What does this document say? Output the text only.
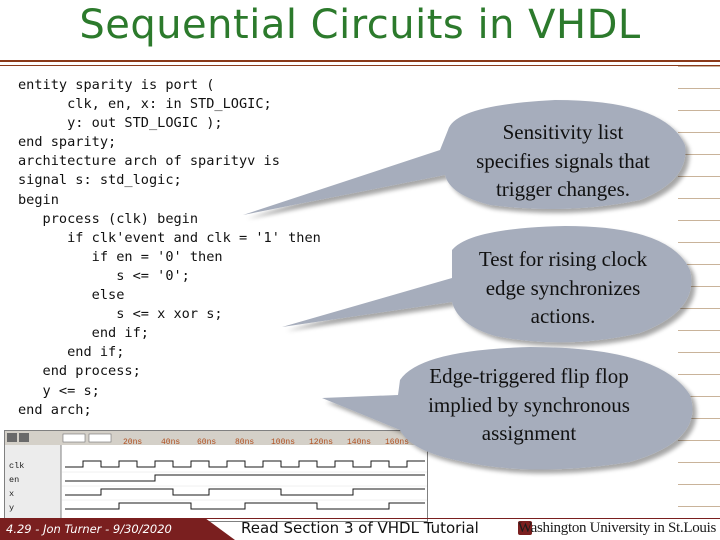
Sequential Circuits in VHDL
entity sparity is port (
clk, en, x: in STD_LOGIC;
y: out STD_LOGIC );
end sparity;
architecture arch of sparityv is
signal s: std_logic;
begin
process (clk) begin
if clk'event and clk = '1' then
if en = '0' then
s <= '0';
else
s <= x xor s;
end if;
end if;
end process;
y <= s;
end arch;
20ns 40ns 60ns 80ns 100ns 120ns 140ns 160ns
clk
en
x
y
Sensitivity list
specifies signals that
trigger changes.
Test for rising clock
edge synchronizes
actions.
Edge-triggered flip flop
implied by synchronous
assignment
4.29 - Jon Turner - 9/30/2020	Read Section 3 of VHDL Tutorial	Washington University in St.Louis
